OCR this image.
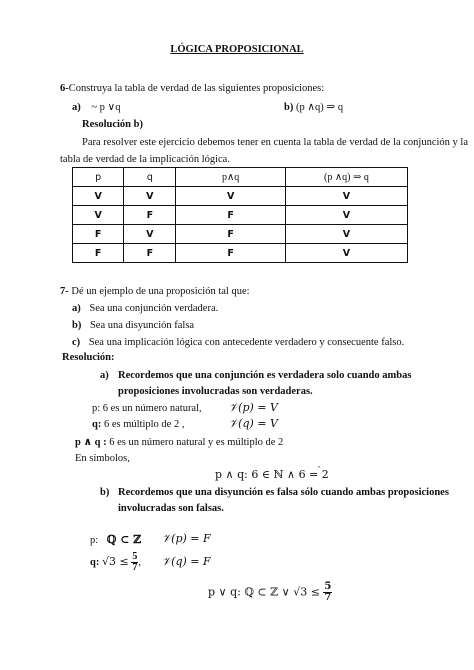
LÓGICA PROPOSICIONAL
6-Construya la tabla de verdad de las siguientes proposiciones:
a) ~ p ∨q	b) (p ∧q) ⇒ q
Resolución b)
Para resolver este ejercicio debemos tener en cuenta la tabla de verdad de la conjunción y la
tabla de verdad de la implicación lógica.
p	q	p∧q	(p ∧q) ⇒ q
V	V	V	V
V	F	F	V
F	V	F	V
F	F	F	V
7- Dé un ejemplo de una proposición tal que:
a) Sea una conjunción verdadera.
b) Sea una disyunción falsa
c) Sea una implicación lógica con antecedente verdadero y consecuente falso.
Resolución:
a) Recordemos que una conjunción es verdadera solo cuando ambas
proposiciones involucradas son verdaderas.
p: 6 es un número natural, 𝒱(p) = V
q: 6 es múltiplo de 2 ,	𝒱(q) = V
p ∧ q : 6 es un número natural y es múltiplo de 2
En símbolos,
p ∧ q: 6 ∈ ℕ ∧ 6 = 2
b) Recordemos que una disyunción es falsa sólo cuando ambas proposiciones
involucradas son falsas.
p: ℚ ⊂ ℤ 𝒱(p) = F
q: $√3 \le \frac{5}{7}$ , 𝒱(q) = F
p ∨ q: ℚ ⊂ ℤ ∨ $√3 \le \frac{5}{7}$
